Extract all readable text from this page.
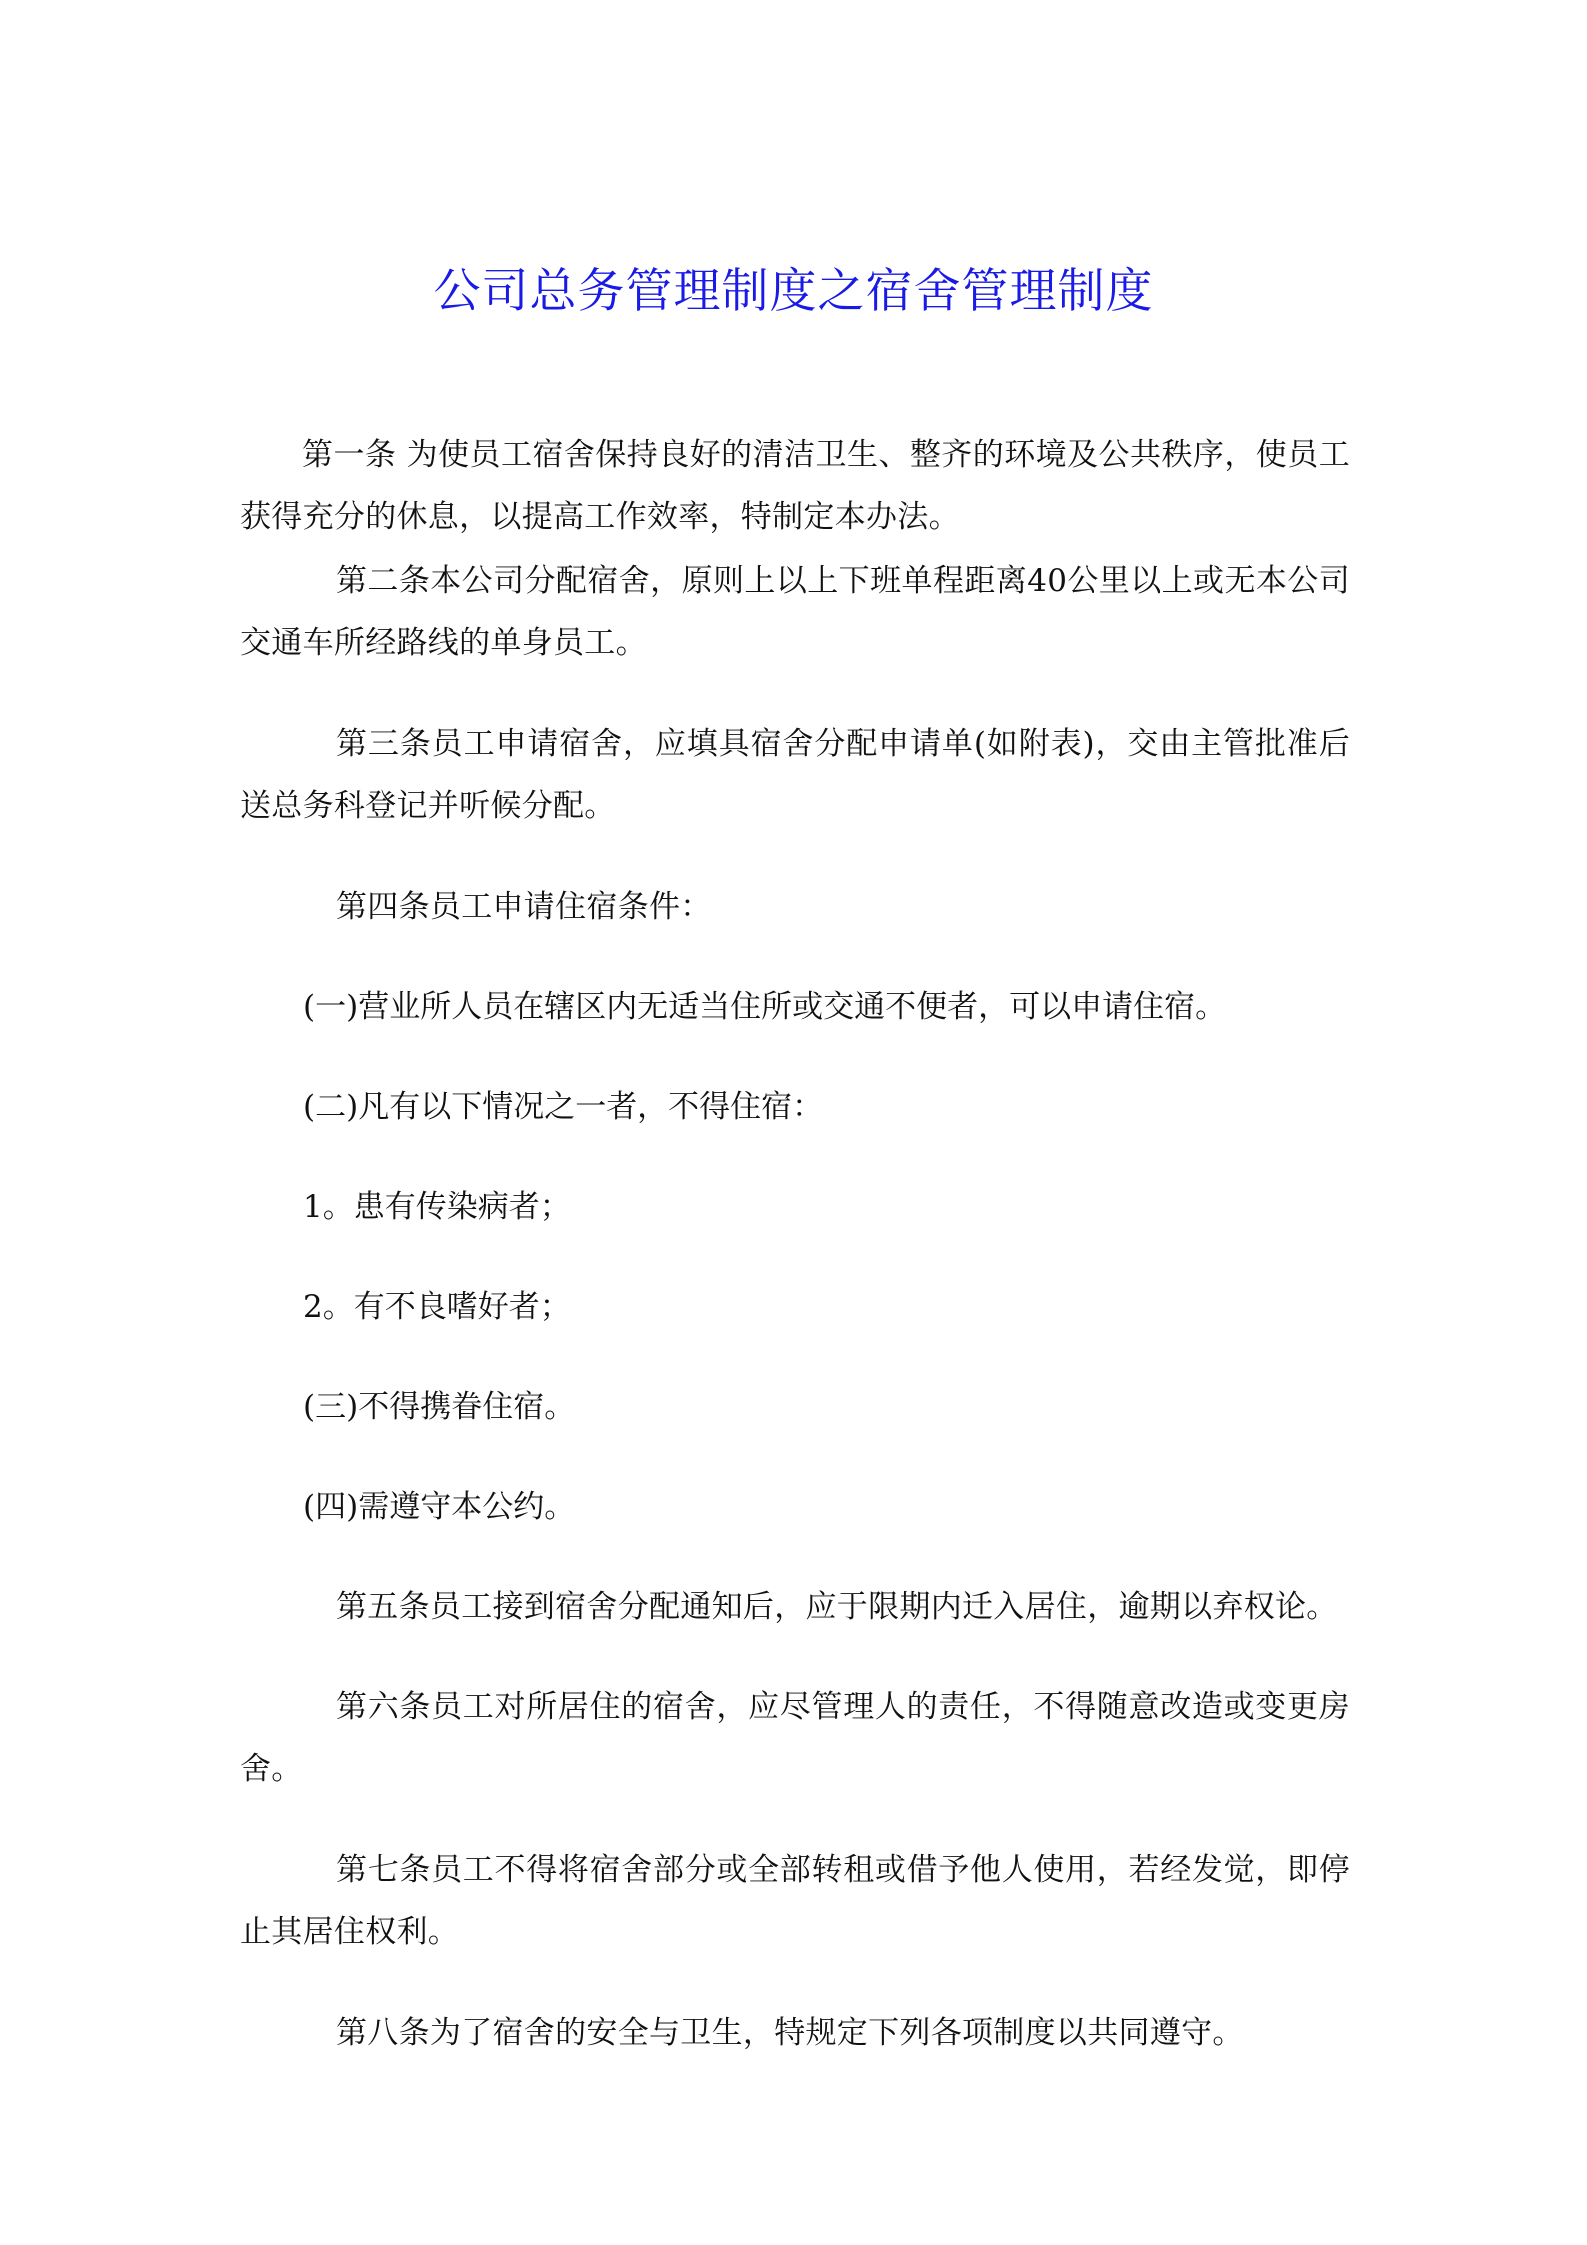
公司总务管理制度之宿舍管理制度

第一条 为使员工宿舍保持良好的清洁卫生、整齐的环境及公共秩序，使员工获得充分的休息，以提高工作效率，特制定本办法。

第二条本公司分配宿舍，原则上以上下班单程距离40公里以上或无本公司交通车所经路线的单身员工。

第三条员工申请宿舍，应填具宿舍分配申请单(如附表)，交由主管批准后送总务科登记并听候分配。

第四条员工申请住宿条件：

(一)营业所人员在辖区内无适当住所或交通不便者，可以申请住宿。

(二)凡有以下情况之一者，不得住宿：

1。患有传染病者；

2。有不良嗜好者；

(三)不得携眷住宿。

(四)需遵守本公约。

第五条员工接到宿舍分配通知后，应于限期内迁入居住，逾期以弃权论。

第六条员工对所居住的宿舍，应尽管理人的责任，不得随意改造或变更房舍。

第七条员工不得将宿舍部分或全部转租或借予他人使用，若经发觉，即停止其居住权利。

第八条为了宿舍的安全与卫生，特规定下列各项制度以共同遵守。
